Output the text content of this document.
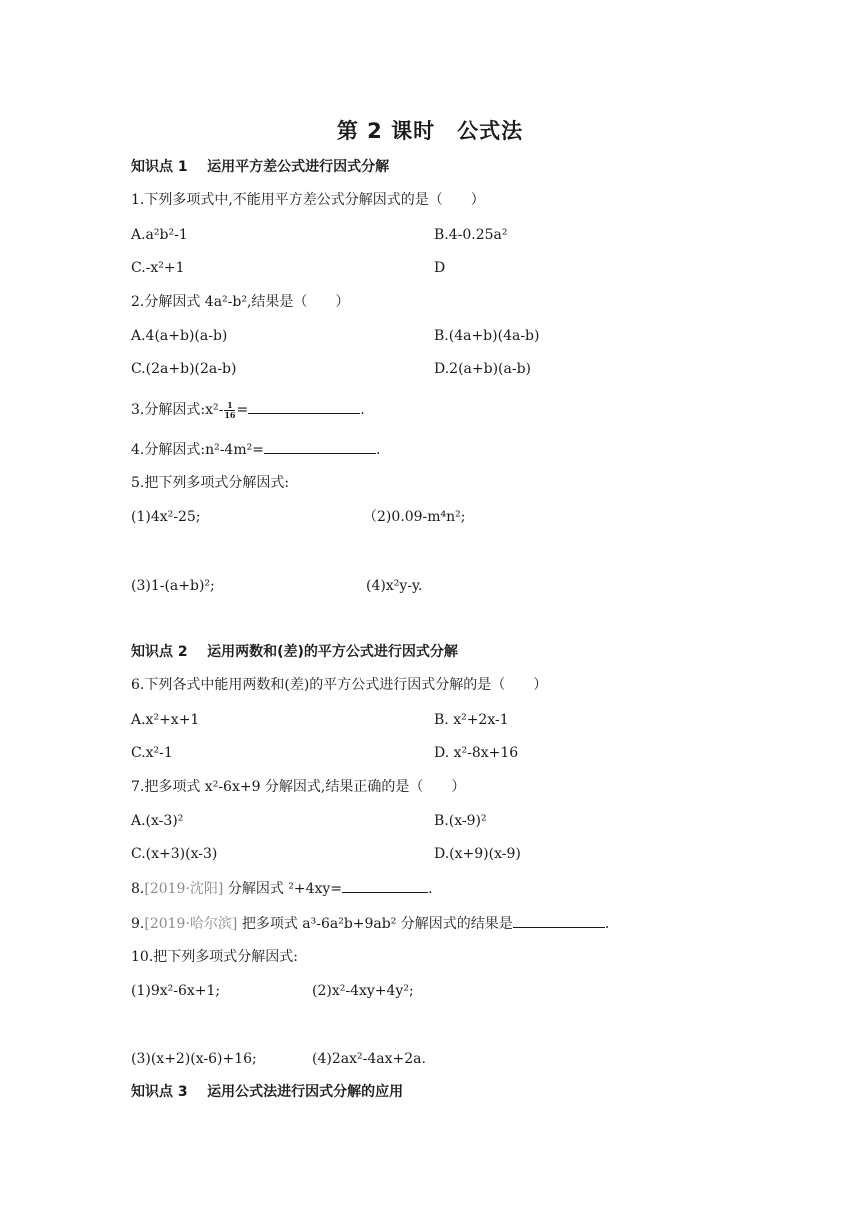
第 2 课时　公式法
知识点 1 运用平方差公式进行因式分解
1.下列多项式中,不能用平方差公式分解因式的是（　　）
A.a²b²-1	B.4-0.25a²
C.-x²+1	D
2.分解因式 4a²-b²,结果是（　　）
A.4(a+b)(a-b)	B.(4a+b)(4a-b)
C.(2a+b)(2a-b)	D.2(a+b)(a-b)
3.分解因式:x²- $\frac{1}{16}$ =	.
4.分解因式:n²-4m²=	.
5.把下列多项式分解因式:
(1)4x²-25;	（2)0.09-m⁴n²;
(3)1-(a+b)²;	(4)x²y-y.
知识点 2 运用两数和(差)的平方公式进行因式分解
6.下列各式中能用两数和(差)的平方公式进行因式分解的是（　　）
A.x²+x+1	B. x²+2x-1
C.x²-1	D. x²-8x+16
7.把多项式 x²-6x+9 分解因式,结果正确的是（　　）
A.(x-3)²	B.(x-9)²
C.(x+3)(x-3)	D.(x+9)(x-9)
8.[2019·沈阳] 分解因式 ²+4xy=	.
9.[2019·哈尔滨] 把多项式 a³-6a²b+9ab² 分解因式的结果是	.
10.把下列多项式分解因式:
(1)9x²-6x+1;	(2)x²-4xy+4y²;
(3)(x+2)(x-6)+16;	(4)2ax²-4ax+2a.
知识点 3 运用公式法进行因式分解的应用
